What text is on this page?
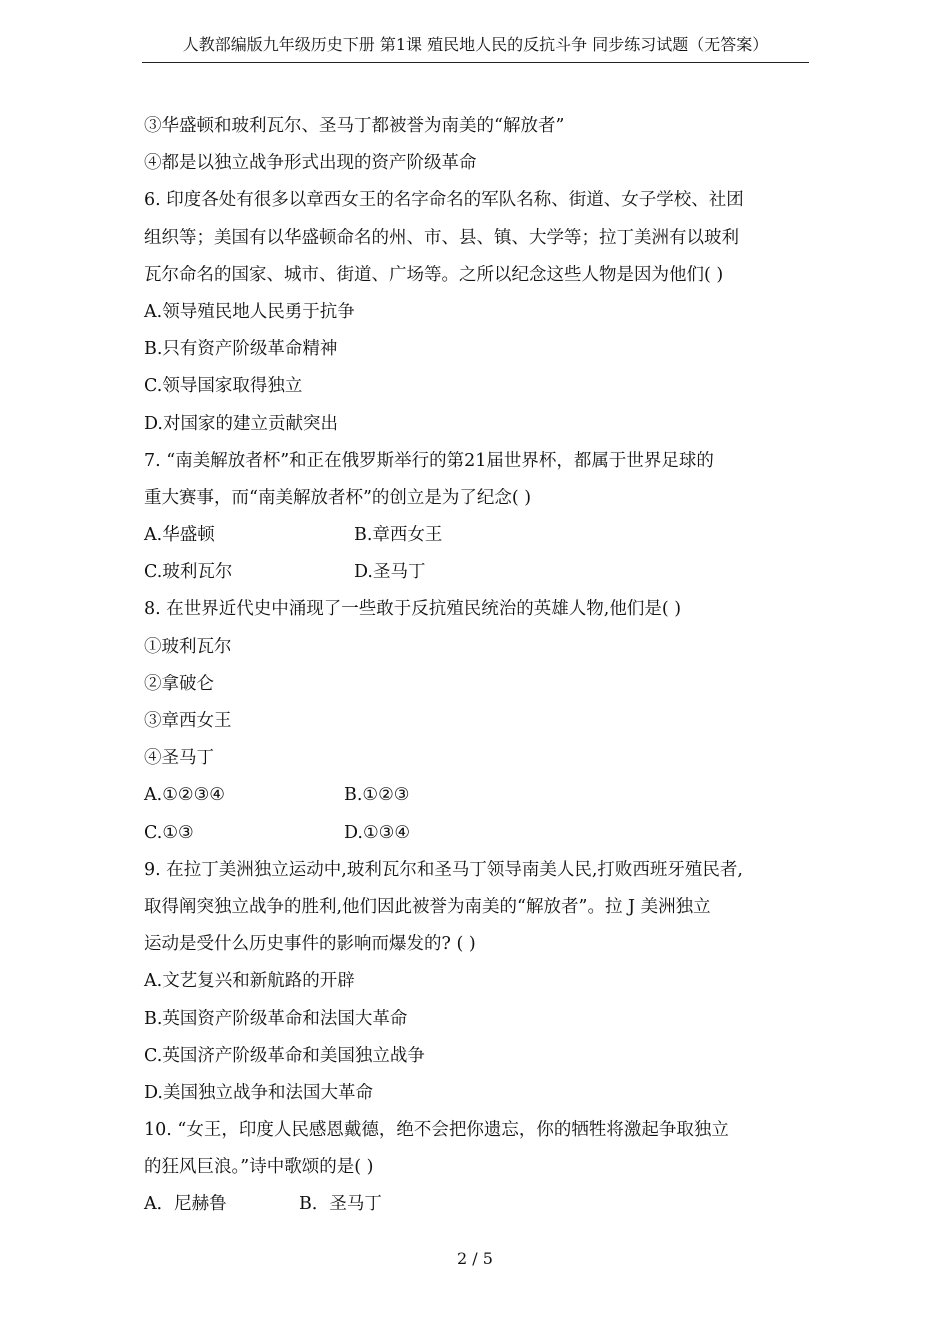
人教部编版九年级历史下册 第1课 殖民地人民的反抗斗争 同步练习试题（无答案）
③华盛顿和玻利瓦尔、圣马丁都被誉为南美的“解放者”
④都是以独立战争形式出现的资产阶级革命
6. 印度各处有很多以章西女王的名字命名的军队名称、街道、女子学校、社团
组织等；美国有以华盛顿命名的州、市、县、镇、大学等；拉丁美洲有以玻利
瓦尔命名的国家、城市、街道、广场等。之所以纪念这些人物是因为他们( )
A.领导殖民地人民勇于抗争
B.只有资产阶级革命精神
C.领导国家取得独立
D.对国家的建立贡献突出
7. “南美解放者杯”和正在俄罗斯举行的第21届世界杯，都属于世界足球的
重大赛事，而“南美解放者杯”的创立是为了纪念( )
A.华盛顿	B.章西女王
C.玻利瓦尔	D.圣马丁
8. 在世界近代史中涌现了一些敢于反抗殖民统治的英雄人物,他们是( )
①玻利瓦尔
②拿破仑
③章西女王
④圣马丁
A.①②③④	B.①②③
C.①③	D.①③④
9. 在拉丁美洲独立运动中,玻利瓦尔和圣马丁领导南美人民,打败西班牙殖民者,
取得阐突独立战争的胜利,他们因此被誉为南美的“解放者”。拉 J 美洲独立
运动是受什么历史事件的影响而爆发的? ( )
A.文艺复兴和新航路的开辟
B.英国资产阶级革命和法国大革命
C.英国济产阶级革命和美国独立战争
D.美国独立战争和法国大革命
10. “女王，印度人民感恩戴德，绝不会把你遗忘，你的牺牲将激起争取独立
的狂风巨浪。”诗中歌颂的是( )
A．尼赫鲁	B．圣马丁
2 / 5
